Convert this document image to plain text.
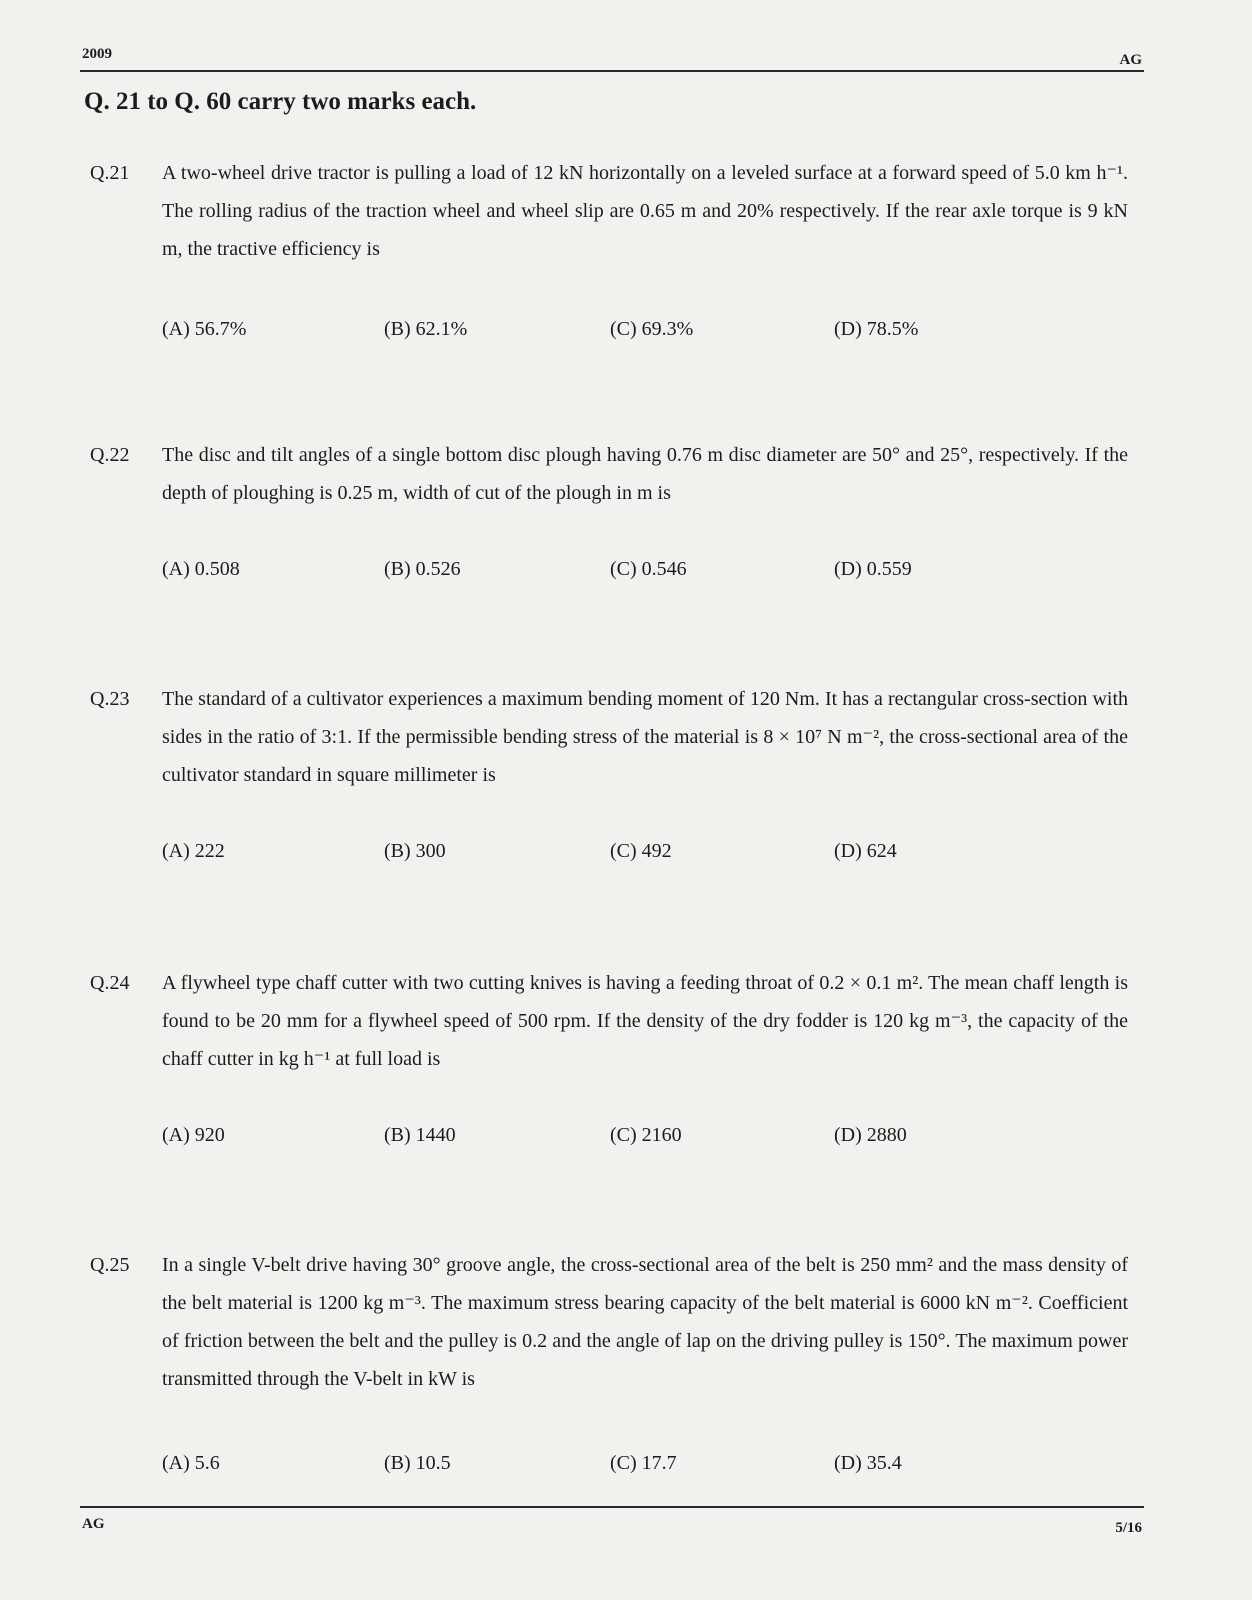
2009	AG
Q. 21 to Q. 60 carry two marks each.
Q.21 A two-wheel drive tractor is pulling a load of 12 kN horizontally on a leveled surface at a forward speed of 5.0 km h⁻¹. The rolling radius of the traction wheel and wheel slip are 0.65 m and 20% respectively. If the rear axle torque is 9 kN m, the tractive efficiency is
(A) 56.7%	(B) 62.1%	(C) 69.3%	(D) 78.5%
Q.22 The disc and tilt angles of a single bottom disc plough having 0.76 m disc diameter are 50° and 25°, respectively. If the depth of ploughing is 0.25 m, width of cut of the plough in m is
(A) 0.508	(B) 0.526	(C) 0.546	(D) 0.559
Q.23 The standard of a cultivator experiences a maximum bending moment of 120 Nm. It has a rectangular cross-section with sides in the ratio of 3:1. If the permissible bending stress of the material is 8 × 10⁷ N m⁻², the cross-sectional area of the cultivator standard in square millimeter is
(A) 222	(B) 300	(C) 492	(D) 624
Q.24 A flywheel type chaff cutter with two cutting knives is having a feeding throat of 0.2 × 0.1 m². The mean chaff length is found to be 20 mm for a flywheel speed of 500 rpm. If the density of the dry fodder is 120 kg m⁻³, the capacity of the chaff cutter in kg h⁻¹ at full load is
(A) 920	(B) 1440	(C) 2160	(D) 2880
Q.25 In a single V-belt drive having 30° groove angle, the cross-sectional area of the belt is 250 mm² and the mass density of the belt material is 1200 kg m⁻³. The maximum stress bearing capacity of the belt material is 6000 kN m⁻². Coefficient of friction between the belt and the pulley is 0.2 and the angle of lap on the driving pulley is 150°. The maximum power transmitted through the V-belt in kW is
(A) 5.6	(B) 10.5	(C) 17.7	(D) 35.4
AG	5/16
